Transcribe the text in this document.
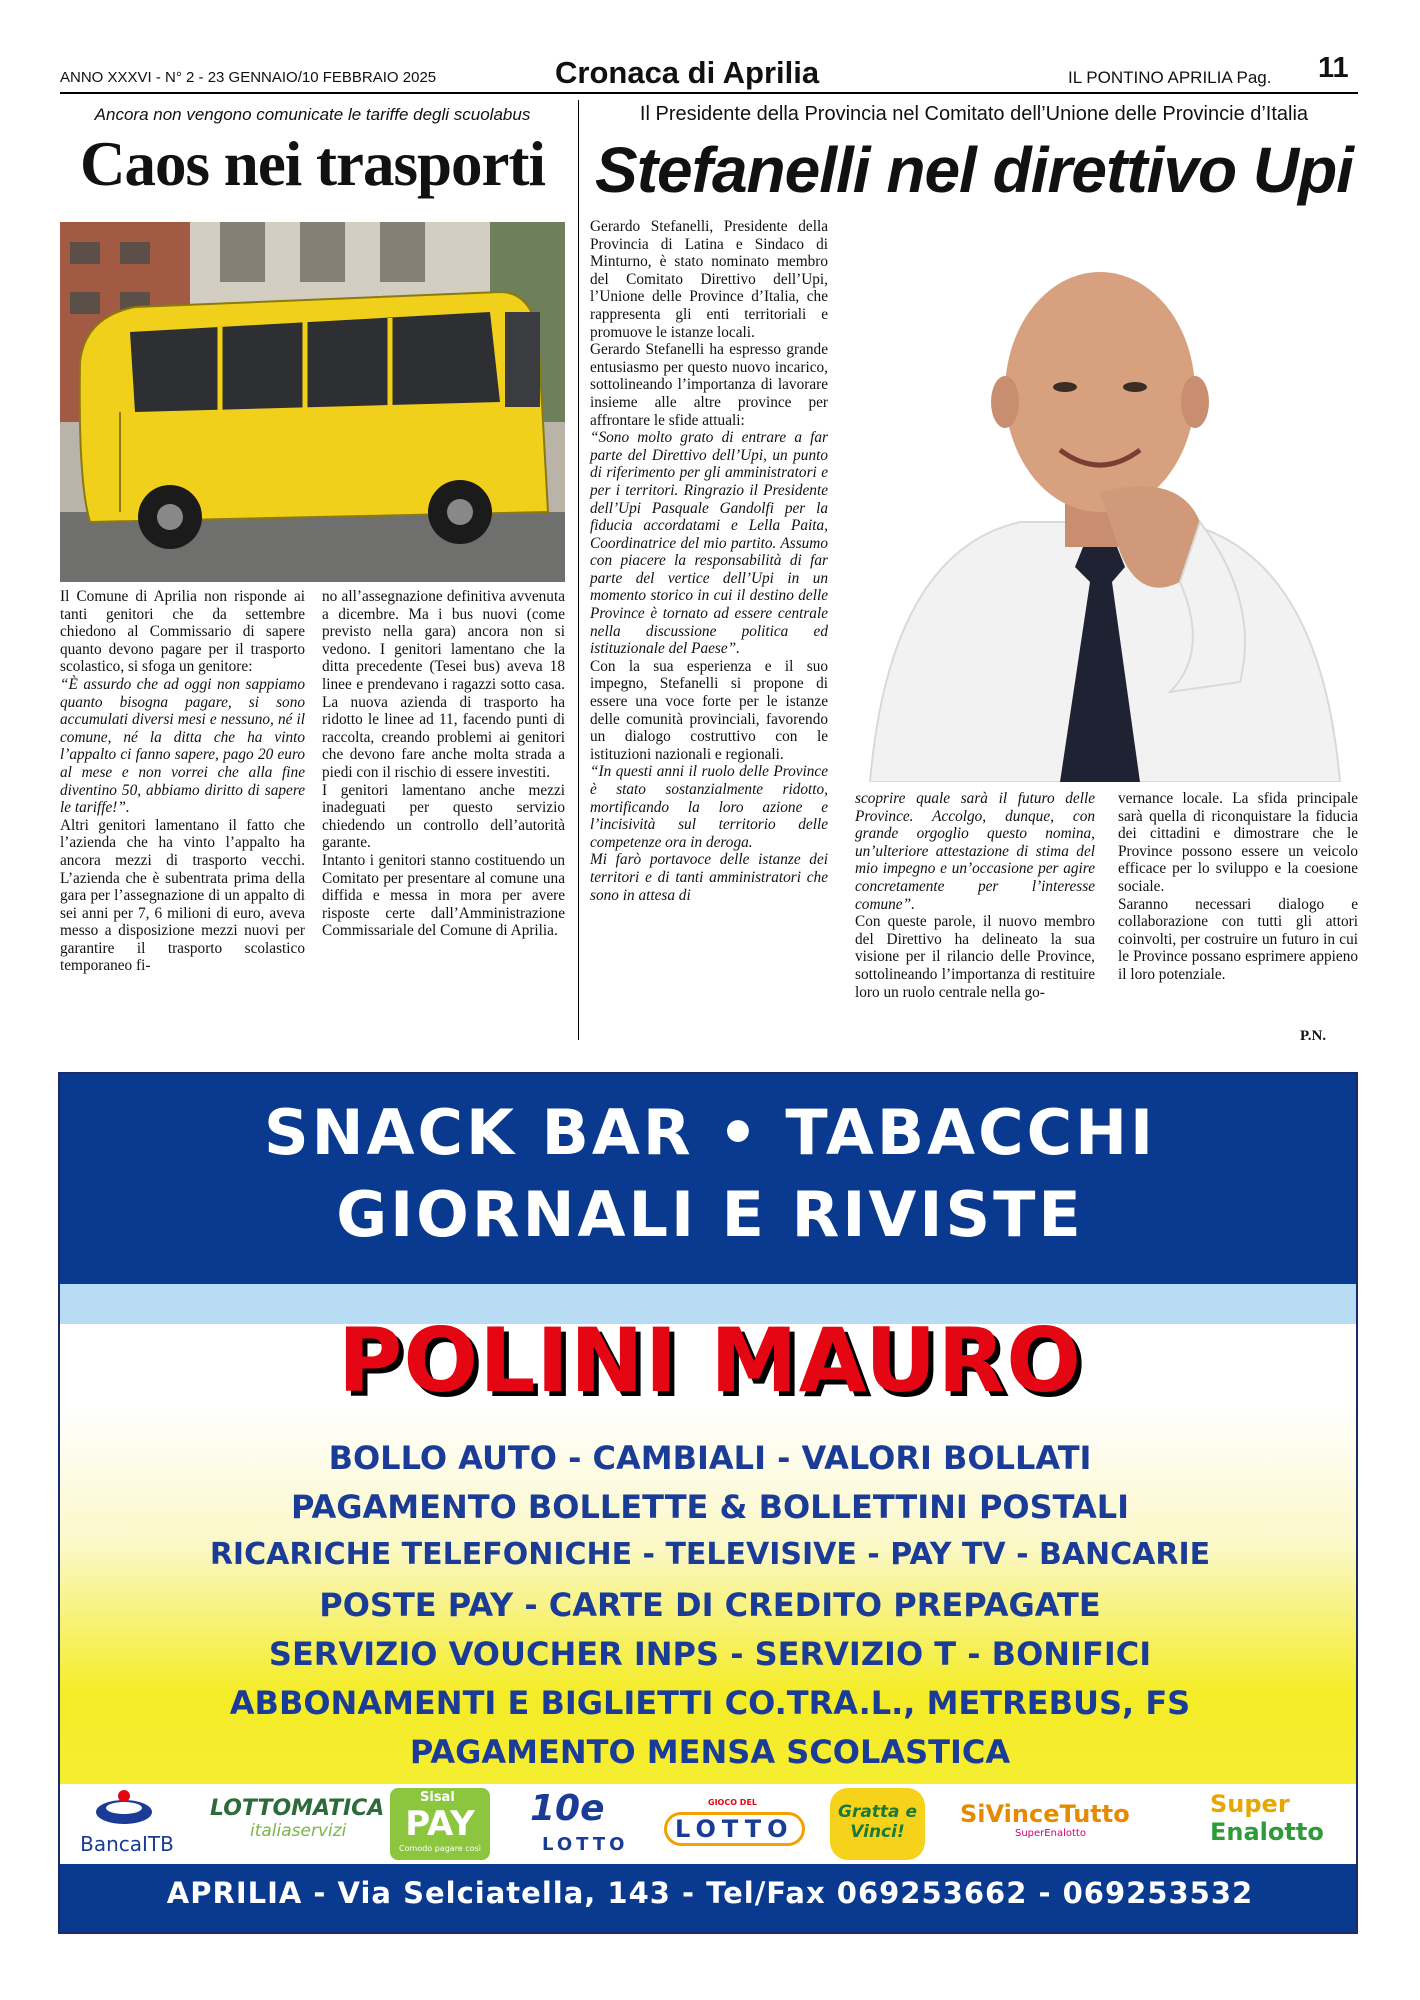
ANNO XXXVI - N° 2 - 23 GENNAIO/10 FEBBRAIO 2025	Cronaca di Aprilia	IL PONTINO APRILIA Pag. 11
Ancora non vengono comunicate le tariffe degli scuolabus
Caos nei trasporti

Il Comune di Aprilia non risponde ai tanti genitori che da settembre chiedono al Commissario di sapere quanto devono pagare per il trasporto scolastico, si sfoga un genitore:

“È assurdo che ad oggi non sappiamo quanto bisogna pagare, si sono accumulati diversi mesi e nessuno, né il comune, né la ditta che ha vinto l’appalto ci fanno sapere, pago 20 euro al mese e non vorrei che alla fine diventino 50, abbiamo diritto di sapere le tariffe!”.

Altri genitori lamentano il fatto che l’azienda che ha vinto l’appalto ha ancora mezzi di trasporto vecchi. L’azienda che è subentrata prima della gara per l’assegnazione di un appalto di sei anni per 7, 6 milioni di euro, aveva messo a disposizione mezzi nuovi per garantire il trasporto scolastico temporaneo fi-

no all’assegnazione definitiva avvenuta a dicembre. Ma i bus nuovi (come previsto nella gara) ancora non si vedono. I genitori lamentano che la ditta precedente (Tesei bus) aveva 18 linee e prendevano i ragazzi sotto casa. La nuova azienda di trasporto ha ridotto le linee ad 11, facendo punti di raccolta, creando problemi ai genitori che devono fare anche molta strada a piedi con il rischio di essere investiti.

I genitori lamentano anche mezzi inadeguati per questo servizio chiedendo un controllo dell’autorità garante.

Intanto i genitori stanno costituendo un Comitato per presentare al comune una diffida e messa in mora per avere risposte certe dall’Amministrazione Commissariale del Comune di Aprilia.

Il Presidente della Provincia nel Comitato dell’Unione delle Provincie d’Italia
Stefanelli nel direttivo Upi

Gerardo Stefanelli, Presidente della Provincia di Latina e Sindaco di Minturno, è stato nominato membro del Comitato Direttivo dell’Upi, l’Unione delle Province d’Italia, che rappresenta gli enti territoriali e promuove le istanze locali.

Gerardo Stefanelli ha espresso grande entusiasmo per questo nuovo incarico, sottolineando l’importanza di lavorare insieme alle altre province per affrontare le sfide attuali:

“Sono molto grato di entrare a far parte del Direttivo dell’Upi, un punto di riferimento per gli amministratori e per i territori. Ringrazio il Presidente dell’Upi Pasquale Gandolfi per la fiducia accordatami e Lella Paita, Coordinatrice del mio partito. Assumo con piacere la responsabilità di far parte del vertice dell’Upi in un momento storico in cui il destino delle Province è tornato ad essere centrale nella discussione politica ed istituzionale del Paese”.

Con la sua esperienza e il suo impegno, Stefanelli si propone di essere una voce forte per le istanze delle comunità provinciali, favorendo un dialogo costruttivo con le istituzioni nazionali e regionali.

“In questi anni il ruolo delle Province è stato sostanzialmente ridotto, mortificando la loro azione e l’incisività sul territorio delle competenze ora in deroga.

Mi farò portavoce delle istanze dei territori e di tanti amministratori che sono in attesa di

scoprire quale sarà il futuro delle Province. Accolgo, dunque, con grande orgoglio questo nomina, un’ulteriore attestazione di stima del mio impegno e un’occasione per agire concretamente per l’interesse comune”.

Con queste parole, il nuovo membro del Direttivo ha delineato la sua visione per il rilancio delle Province, sottolineando l’importanza di restituire loro un ruolo centrale nella go-

vernance locale. La sfida principale sarà quella di riconquistare la fiducia dei cittadini e dimostrare che le Province possono essere un veicolo efficace per lo sviluppo e la coesione sociale.

Saranno necessari dialogo e collaborazione con tutti gli attori coinvolti, per costruire un futuro in cui le Province possano esprimere appieno il loro potenziale.

P.N.
SNACK BAR • TABACCHI
GIORNALI E RIVISTE
POLINI MAURO
BOLLO AUTO - CAMBIALI - VALORI BOLLATI
PAGAMENTO BOLLETTE & BOLLETTINI POSTALI
RICARICHE TELEFONICHE - TELEVISIVE - PAY TV - BANCARIE
POSTE PAY - CARTE DI CREDITO PREPAGATE
SERVIZIO VOUCHER INPS - SERVIZIO T - BONIFICI
ABBONAMENTI E BIGLIETTI CO.TRA.L., METREBUS, FS
PAGAMENTO MENSA SCOLASTICA
BancaITB
LOTTOMATICA
italiaservizi
Sisal
PAY
Comodo pagare così
10e
LOTTO
GIOCO DEL
LOTTO
Gratta e Vinci!
SiVinceTutto
SuperEnalotto
Super
Enalotto
APRILIA - Via Selciatella, 143 - Tel/Fax 069253662 - 069253532
